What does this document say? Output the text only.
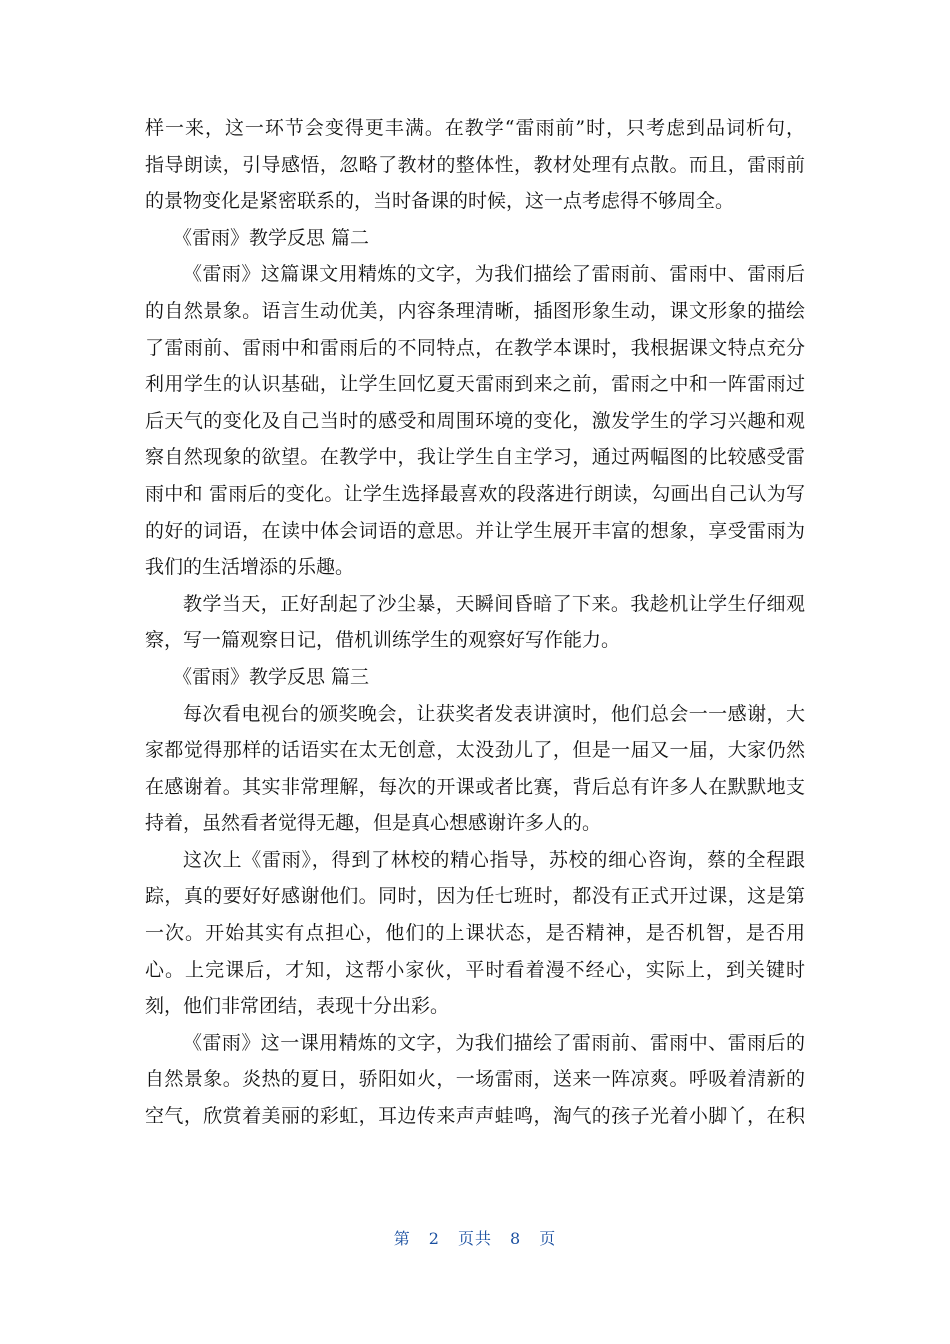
样一来，这一环节会变得更丰满。在教学“雷雨前”时，只考虑到品词析句，
指导朗读，引导感悟，忽略了教材的整体性，教材处理有点散。而且，雷雨前
的景物变化是紧密联系的，当时备课的时候，这一点考虑得不够周全。
《雷雨》教学反思 篇二
《雷雨》这篇课文用精炼的文字，为我们描绘了雷雨前、雷雨中、雷雨后
的自然景象。语言生动优美，内容条理清晰，插图形象生动，课文形象的描绘
了雷雨前、雷雨中和雷雨后的不同特点，在教学本课时，我根据课文特点充分
利用学生的认识基础，让学生回忆夏天雷雨到来之前，雷雨之中和一阵雷雨过
后天气的变化及自己当时的感受和周围环境的变化，激发学生的学习兴趣和观
察自然现象的欲望。在教学中，我让学生自主学习，通过两幅图的比较感受雷
雨中和 雷雨后的变化。让学生选择最喜欢的段落进行朗读，勾画出自己认为写
的好的词语，在读中体会词语的意思。并让学生展开丰富的想象，享受雷雨为
我们的生活增添的乐趣。
教学当天，正好刮起了沙尘暴，天瞬间昏暗了下来。我趁机让学生仔细观
察，写一篇观察日记，借机训练学生的观察好写作能力。
《雷雨》教学反思 篇三
每次看电视台的颁奖晚会，让获奖者发表讲演时，他们总会一一感谢，大
家都觉得那样的话语实在太无创意，太没劲儿了，但是一届又一届，大家仍然
在感谢着。其实非常理解，每次的开课或者比赛，背后总有许多人在默默地支
持着，虽然看者觉得无趣，但是真心想感谢许多人的。
这次上《雷雨》，得到了林校的精心指导，苏校的细心咨询，蔡的全程跟
踪，真的要好好感谢他们。同时，因为任七班时，都没有正式开过课，这是第
一次。开始其实有点担心，他们的上课状态，是否精神，是否机智，是否用
心。上完课后，才知，这帮小家伙，平时看着漫不经心，实际上，到关键时
刻，他们非常团结，表现十分出彩。
《雷雨》这一课用精炼的文字，为我们描绘了雷雨前、雷雨中、雷雨后的
自然景象。炎热的夏日，骄阳如火，一场雷雨，送来一阵凉爽。呼吸着清新的
空气，欣赏着美丽的彩虹，耳边传来声声蛙鸣，淘气的孩子光着小脚丫，在积
第 2 页共 8 页
